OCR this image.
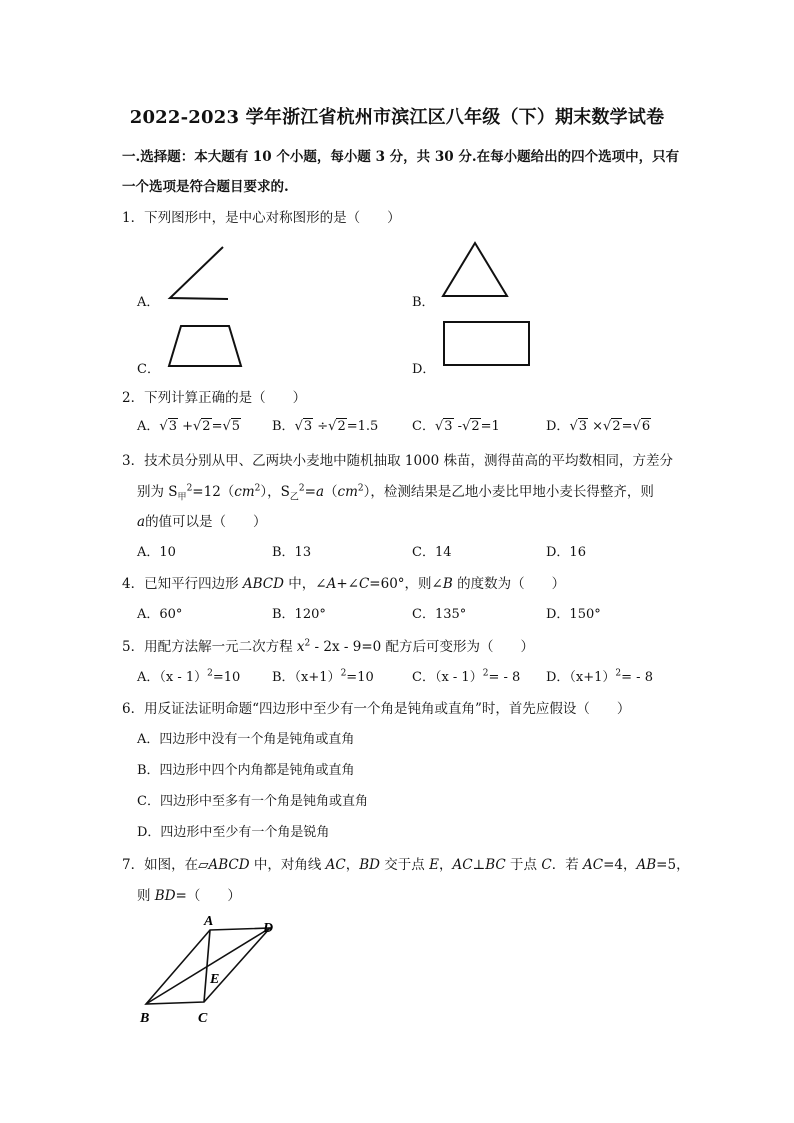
2022-2023 学年浙江省杭州市滨江区八年级（下）期末数学试卷
一.选择题：本大题有 10 个小题，每小题 3 分，共 30 分.在每小题给出的四个选项中，只有
一个选项是符合题目要求的.
1．下列图形中，是中心对称图形的是（　　）
A．	B．
C．	D．
2．下列计算正确的是（　　）
A．√3 +√2=√5 B．√3 ÷√2=1.5	C．√3 -√2=1	D．√3 ×√2=√6
3．技术员分别从甲、乙两块小麦地中随机抽取 1000 株苗，测得苗高的平均数相同，方差分
别为 $S_甲^2=12(cm^2)$，$S_乙^2=a(cm^2)$，检测结果是乙地小麦比甲地小麦长得整齐，则
a的值可以是（　　）
A．10	B．13	C．14	D．16
4．已知平行四边形 ABCD 中，∠A+∠C=60°，则∠B 的度数为（　　）
A．60°	B．120°	C．135°	D．150°
5．用配方法解一元二次方程 $x^2 - 2x - 9=0$ 配方后可变形为（　　）
A．（x - 1）$^2$=10 B．$(x+1)^2=10$	C．（x - 1）$^2$= - 8 D．$(x+1)^2= - 8$
6．用反证法证明命题“四边形中至少有一个角是钝角或直角”时，首先应假设（　　）
A．四边形中没有一个角是钝角或直角
B．四边形中四个内角都是钝角或直角
C．四边形中至多有一个角是钝角或直角
D．四边形中至少有一个角是锐角
7．如图，在▱ABCD 中，对角线 AC，BD 交于点 E，AC⊥BC 于点 C．若 AC=4，AB=5，
则 BD=（　　）
A	D
E
B	C
